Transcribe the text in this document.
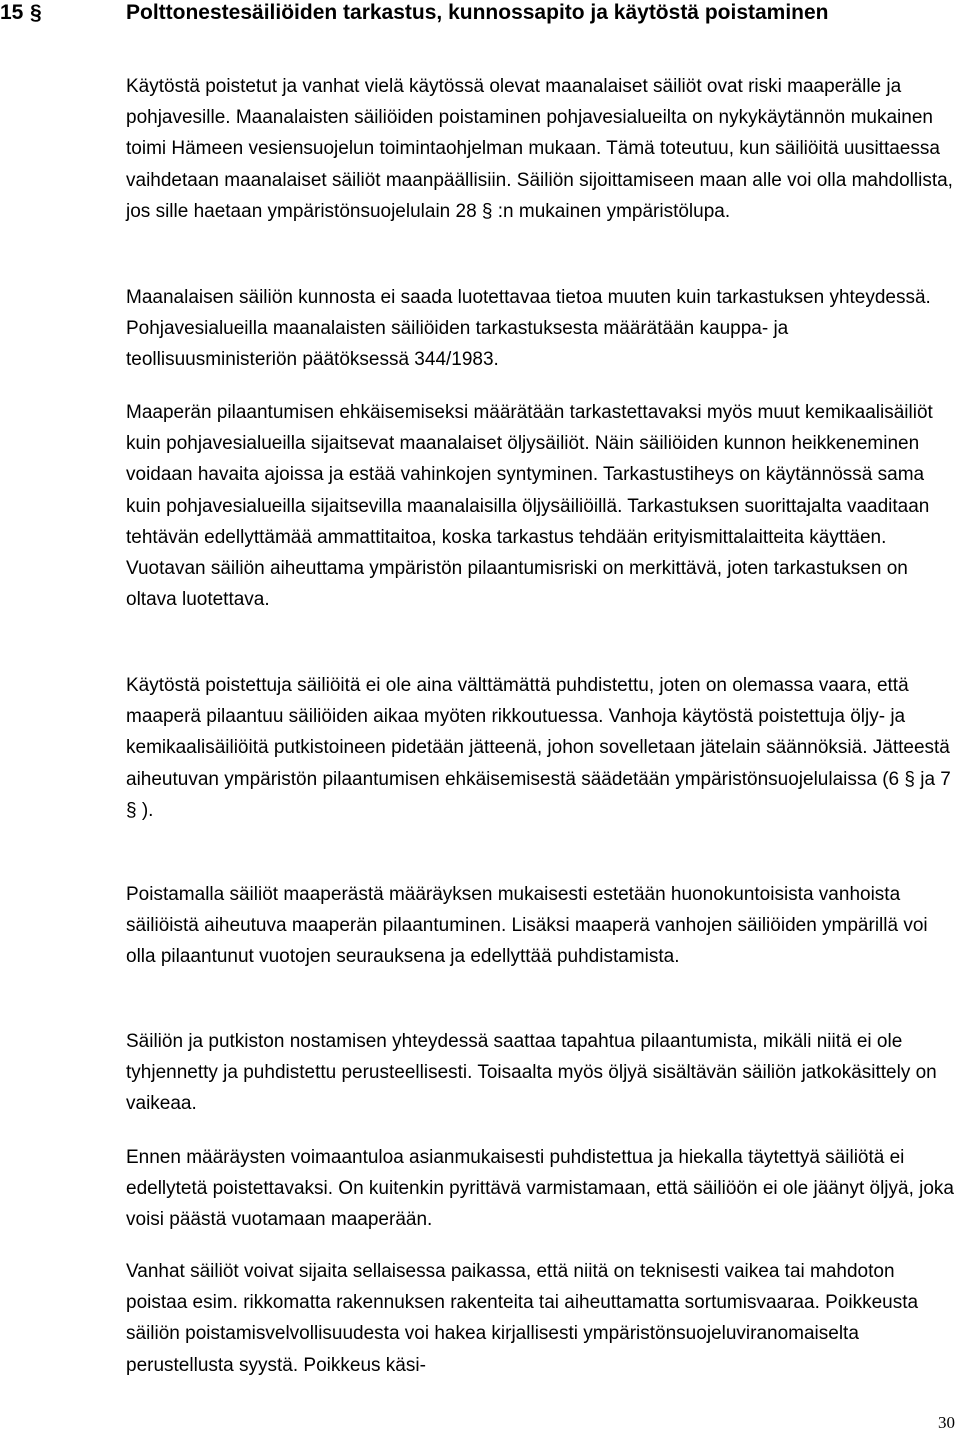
15 §	Polttonestesäiliöiden tarkastus, kunnossapito ja käytöstä poistaminen

Käytöstä poistetut ja vanhat vielä käytössä olevat maanalaiset säiliöt ovat riski maaperälle ja pohjavesille. Maanalaisten säiliöiden poistaminen pohjavesialueilta on nykykäytännön mukainen toimi Hämeen vesiensuojelun toimintaohjelman mukaan. Tämä toteutuu, kun säiliöitä uusittaessa vaihdetaan maanalaiset säiliöt maanpäällisiin. Säiliön sijoittamiseen maan alle voi olla mahdollista, jos sille haetaan ympäristönsuojelulain 28 § :n mukainen ympäristölupa.

Maanalaisen säiliön kunnosta ei saada luotettavaa tietoa muuten kuin tarkastuksen yhteydessä. Pohjavesialueilla maanalaisten säiliöiden tarkastuksesta määrätään kauppa- ja teollisuusministeriön päätöksessä 344/1983.

Maaperän pilaantumisen ehkäisemiseksi määrätään tarkastettavaksi myös muut kemikaalisäiliöt kuin pohjavesialueilla sijaitsevat maanalaiset öljysäiliöt. Näin säiliöiden kunnon heikkeneminen voidaan havaita ajoissa ja estää vahinkojen syntyminen. Tarkastustiheys on käytännössä sama kuin pohjavesialueilla sijaitsevilla maanalaisilla öljysäiliöillä. Tarkastuksen suorittajalta vaaditaan tehtävän edellyttämää ammattitaitoa, koska tarkastus tehdään erityismittalaitteita käyttäen. Vuotavan säiliön aiheuttama ympäristön pilaantumisriski on merkittävä, joten tarkastuksen on oltava luotettava.

Käytöstä poistettuja säiliöitä ei ole aina välttämättä puhdistettu, joten on olemassa vaara, että maaperä pilaantuu säiliöiden aikaa myöten rikkoutuessa. Vanhoja käytöstä poistettuja öljy- ja kemikaalisäiliöitä putkistoineen pidetään jätteenä, johon sovelletaan jätelain säännöksiä. Jätteestä aiheutuvan ympäristön pilaantumisen ehkäisemisestä säädetään ympäristönsuojelulaissa (6 § ja 7 § ).

Poistamalla säiliöt maaperästä määräyksen mukaisesti estetään huonokuntoisista vanhoista säiliöistä aiheutuva maaperän pilaantuminen. Lisäksi maaperä vanhojen säiliöiden ympärillä voi olla pilaantunut vuotojen seurauksena ja edellyttää puhdistamista.

Säiliön ja putkiston nostamisen yhteydessä saattaa tapahtua pilaantumista, mikäli niitä ei ole tyhjennetty ja puhdistettu perusteellisesti. Toisaalta myös öljyä sisältävän säiliön jatkokäsittely on vaikeaa.

Ennen määräysten voimaantuloa asianmukaisesti puhdistettua ja hiekalla täytettyä säiliötä ei edellytetä poistettavaksi. On kuitenkin pyrittävä varmistamaan, että säiliöön ei ole jäänyt öljyä, joka voisi päästä vuotamaan maaperään.

Vanhat säiliöt voivat sijaita sellaisessa paikassa, että niitä on teknisesti vaikea tai mahdoton poistaa esim. rikkomatta rakennuksen rakenteita tai aiheuttamatta sortumisvaaraa. Poikkeusta säiliön poistamisvelvollisuudesta voi hakea kirjallisesti ympäristönsuojeluviranomaiselta perustellusta syystä. Poikkeus käsi-

30
